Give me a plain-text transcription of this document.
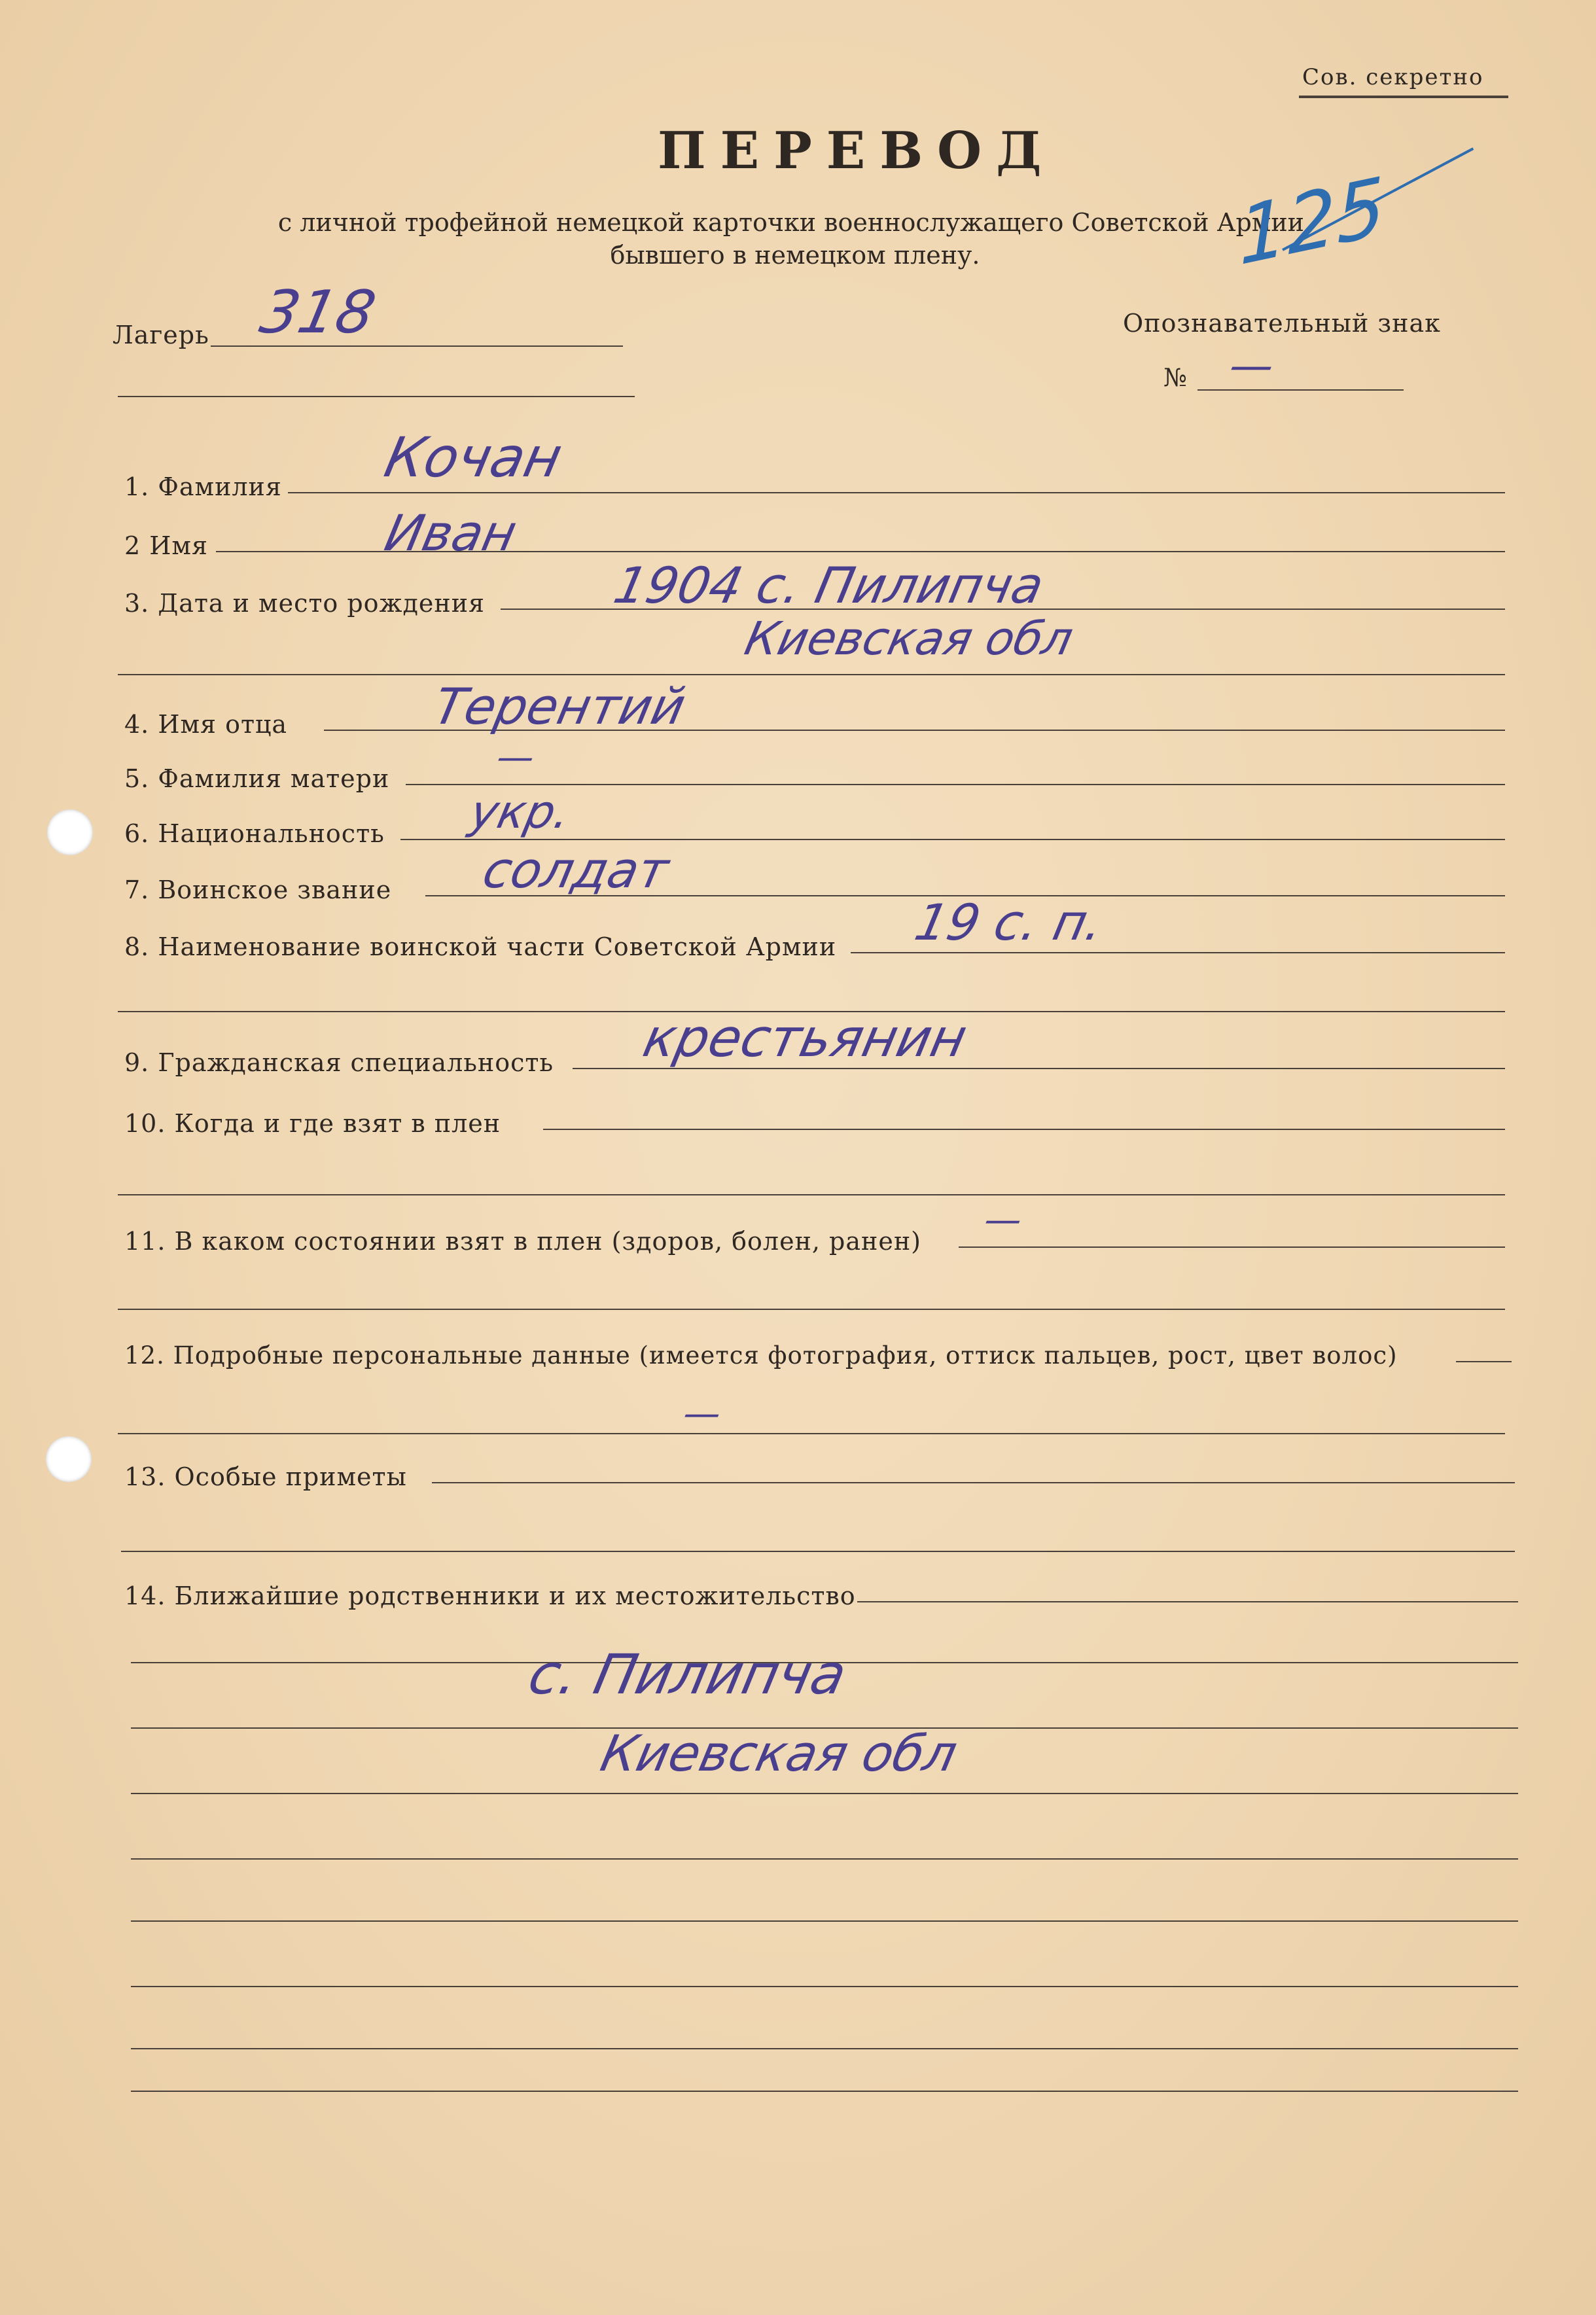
Сов. секретно
ПЕРЕВОД
с личной трофейной немецкой карточки военнослужащего Советской Армии,
бывшего в немецком плену.	125
Лагерь 318	Опознавательный знак
№ —
1. Фамилия Кочан
2 Имя	Иван
3. Дата и место рождения 1904 с. Пилипча
Киевская обл
4. Имя отца	Терентий
5. Фамилия матери	—
6. Национальность укр.
7. Воинское звание солдат
8. Наименование воинской части Советской Армии 19 с. п.
9. Гражданская специальность крестьянин
10. Когда и где взят в плен
11. В каком состоянии взят в плен (здоров, болен, ранен) —
12. Подробные персональные данные (имеется фотография, оттиск пальцев, рост, цвет волос)
—
13. Особые приметы
14. Ближайшие родственники и их местожительство
с. Пилипча
Киевская обл
